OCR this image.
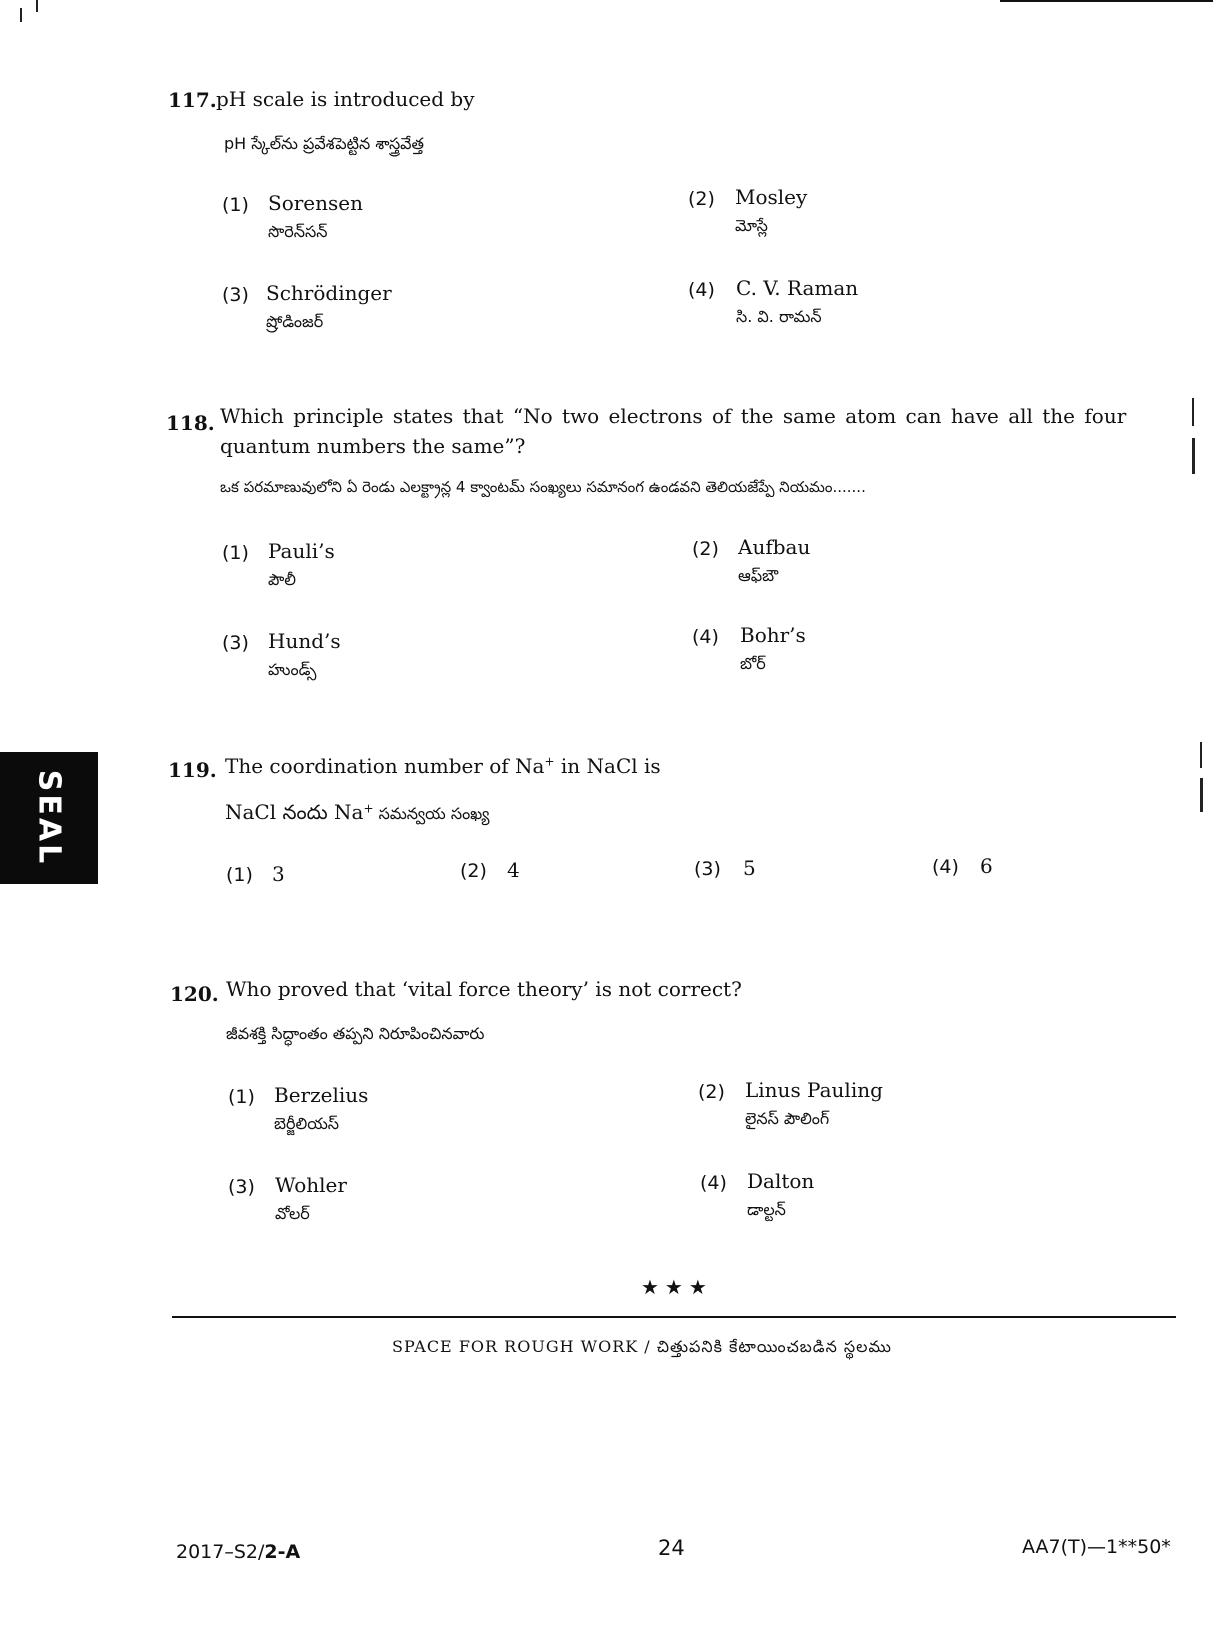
117. pH scale is introduced by
pH స్కేల్‌ను ప్రవేశపెట్టిన శాస్త్రవేత్త
(1) Sorensen
సొరెన్‌సన్
(2) Mosley
మోస్లే
(3) Schrödinger
ష్రోడింజర్
(4) C. V. Raman
సి. వి. రామన్
118. Which principle states that “No two electrons of the same atom can have all the four
quantum numbers the same”?
ఒక పరమాణువులోని ఏ రెండు ఎలక్ట్రాన్ల 4 క్వాంటమ్ సంఖ్యలు సమానంగ ఉండవని తెలియజేప్పే నియమం.......
(1) Pauli’s
పౌలీ
(2) Aufbau
ఆఫ్‌బౌ
(3) Hund’s
హుండ్స్
(4) Bohr’s
బోర్
119. The coordination number of Na+ in NaCl is
NaCl నందు Na+ సమన్వయ సంఖ్య
(1) 3	(2) 4	(3) 5	(4) 6
120. Who proved that ‘vital force theory’ is not correct?
జీవశక్తి సిద్ధాంతం తప్పని నిరూపించినవారు
(1) Berzelius
బెర్జీలియస్
(2) Linus Pauling
లైనస్ పౌలింగ్
(3) Wohler
వోలర్
(4) Dalton
డాల్టన్
SEAL
★★★
SPACE FOR ROUGH WORK / చిత్తుపనికి కేటాయించబడిన స్థలము
2017–S2/2-A	24	AA7(T)—1**50*
